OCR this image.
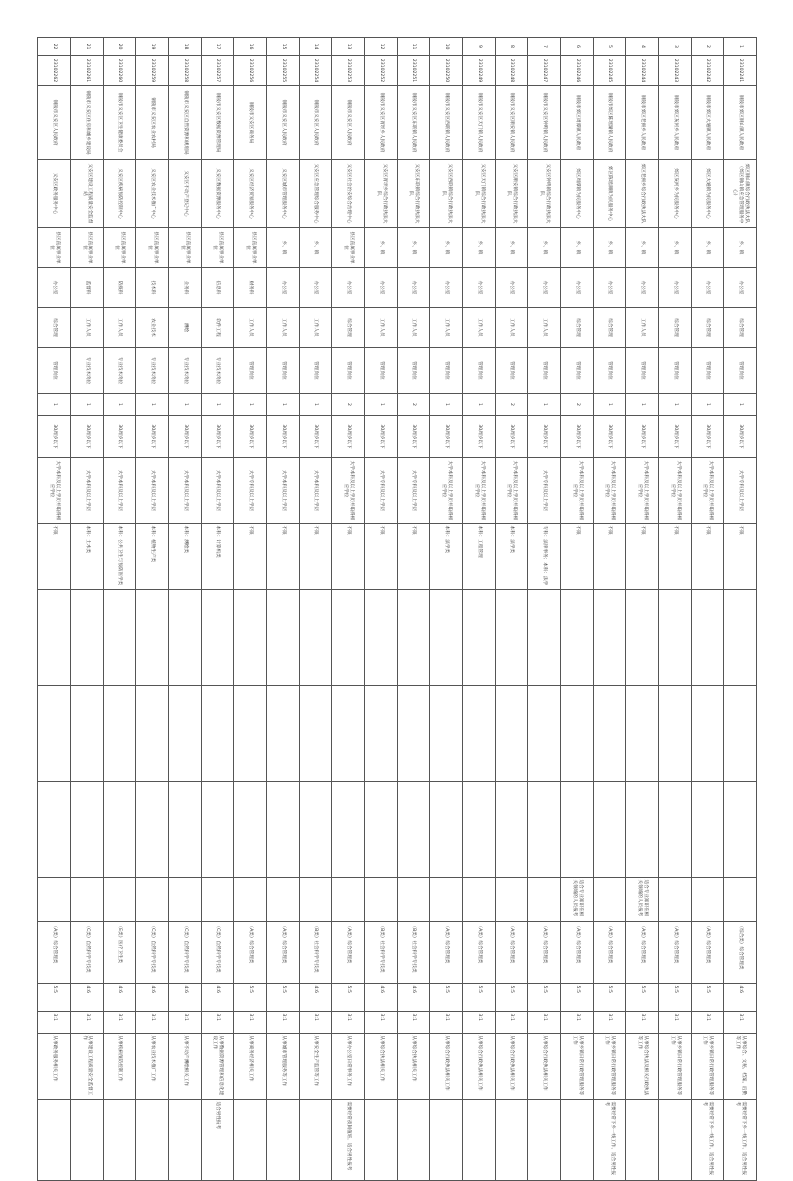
1	23102241	铜陵市郊区铜山镇人民政府	郊区铜山镇综合行政执法大队（郊区铜山镇应急管理服务中心）	乡、镇	办公室	综合管理	管理岗位	1	30周岁以下	大学专科及以上学历	不限					（综合类）综合管理类	4:6	3:1	从事综合、文秘、档案、后勤等工作	需要经常下乡一线工作，适合男性报考
2	23102242	铜陵市郊区大通镇人民政府	郊区大通镇为民服务中心	乡、镇	办公室	综合管理	管理岗位	1	30周岁以下	大学本科及以上学历并取得相应学位	不限					（A类）综合管理类	5:5	3:1	从事乡镇日常行政管理服务等工作	需要经常下乡一线工作，适合男性报考
3	23102243	铜陵市郊区灰河乡人民政府	郊区灰河乡为民服务中心	乡、镇	办公室	综合管理	管理岗位	1	30周岁以下	大学本科及以上学历并取得相应学位	不限					（A类）综合管理类	5:5	3:1	从事乡镇日常行政管理服务等工作	
4	23102244	铜陵市郊区老洲乡人民政府	郊区老洲乡综合行政执法大队	乡、镇	办公室	工作人员	管理岗位	1	30周岁以下	大学本科及以上学历并取得相应学位	不限				适合专业知识在相关领域的人员报考	（A类）综合管理类	5:5	3:1	从事综合执法及相关行政执法等工作	
5	23102245	铜陵市郊区陈瑶湖镇人民政府	郊区陈瑶湖镇为民服务中心	乡、镇	办公室	综合管理	管理岗位	1	30周岁以下	大学本科及以上学历并取得相应学位	不限					（A类）综合管理类	5:5	3:1	从事乡镇日常行政管理服务等工作	需要经常下乡一线工作，适合男性报考
6	23102246	铜陵市郊区周潭镇人民政府	郊区周潭镇为民服务中心	乡、镇	办公室	综合管理	管理岗位	2	30周岁以下	大学本科及以上学历并取得相应学位	不限				适合专业知识在相关领域的人员报考	（A类）综合管理类	5:5	3:1	从事乡镇日常行政管理服务等工作	
7	23102247	铜陵市义安区钟鸣镇人民政府	义安区钟鸣镇综合行政执法大队	乡、镇	办公室	工作人员	管理岗位	1	30周岁以下	大学专科及以上学历	专科：法律事务；本科：法学					（A类）综合管理类	5:5	3:1	从事综合行政执法相关工作	
8	23102248	铜陵市义安区顺安镇人民政府	义安区顺安镇综合行政执法大队	乡、镇	办公室	工作人员	管理岗位	2	30周岁以下	大学本科及以上学历并取得相应学位	本科：法学类					（A类）综合管理类	5:5	3:1	从事综合行政执法相关工作	
9	23102249	铜陵市义安区天门镇人民政府	义安区天门镇综合行政执法大队	乡、镇	办公室	工作人员	管理岗位	1	30周岁以下	大学本科及以上学历并取得相应学位	本科：工程管理					（A类）综合管理类	5:5	3:1	从事综合行政执法相关工作	
10	23102250	铜陵市义安区西联镇人民政府	义安区西联镇综合行政执法大队	乡、镇	办公室	工作人员	管理岗位	1	30周岁以下	大学本科及以上学历并取得相应学位	本科：法学类					（A类）综合管理类	5:5	3:1	从事综合行政执法相关工作	
11	23102251	铜陵市义安区东联镇人民政府	义安区东联镇综合行政执法大队	乡、镇	办公室	工作人员	管理岗位	2	30周岁以下	大学专科及以上学历	不限					（B类）社会科学专技类	4:6	3:1	从事综合执法相关工作	
12	23102252	铜陵市义安区胥坝乡人民政府	义安区胥坝乡综合行政执法大队	乡、镇	办公室	工作人员	管理岗位	1	30周岁以下	大学专科及以上学历	不限					（B类）社会科学专技类	4:6	3:1	从事综合执法相关工作	
13	23102253	铜陵市义安区人民政府	义安区社会治安综合治理中心	县区直属事业单位	办公室	综合管理	管理岗位	2	30周岁以下	大学本科及以上学历并取得相应学位	不限					（A类）综合管理类	5:5	3:1	从事办公室日常事务工作	需要经常夜间值班，适合男性报考
14	23102254	铜陵市义安区人民政府	义安区应急管理综合服务中心	乡、镇	办公室	工作人员	管理岗位	1	30周岁以下	大学本科及以上学历	不限					（B类）社会科学专技类	4:6	3:1	从事安全生产监管等工作	
15	23102255	铜陵市义安区人民政府	义安区城市管理服务中心	乡、镇	办公室	工作人员	管理岗位	1	30周岁以下	大学本科及以上学历	不限					（A类）综合管理类	5:5	3:1	从事城市管理服务等工作	
16	23102256	铜陵市义安区商务局	义安区经济贸易服务中心	县区直属事业单位	财务科	工作人员	管理岗位	1	30周岁以下	大学专科及以上学历	不限					（A类）综合管理类	5:5	3:1	从事商务经济相关工作	
17	23102257	铜陵市义安区数据资源管理局	义安区数据资源服务中心	县区直属事业单位	信息科	软件工程	专业技术岗位	1	30周岁以下	大学本科及以上学历	本科：计算机类					（C类）自然科学专技类	4:6	3:1	从事数据资源管理和信息化建设工作	适合男性报考
18	23102258	铜陵市义安区自然资源和规划局	义安区不动产登记中心	县区直属事业单位	业务科	测绘	专业技术岗位	1	30周岁以下	大学本科及以上学历	本科：测绘类					（C类）自然科学专技类	4:6	3:1	从事不动产测绘相关工作	
19	23102259	铜陵市义安区农业农村局	义安区农业技术推广中心	县区直属事业单位	技术科	农业技术	专业技术岗位	1	30周岁以下	大学本科及以上学历	本科：植物生产类					（C类）自然科学专技类	4:6	3:1	从事农业技术推广工作	
20	23102260	铜陵市义安区卫生健康委员会	义安区疾病预防控制中心	县区直属事业单位	防疫科	工作人员	专业技术岗位	1	30周岁以下	大学本科及以上学历	本科：公共卫生与预防医学类					（E类）医疗卫生类	4:6	3:1	从事疾病预防控制工作	
21	23102261	铜陵市义安区住房和城乡建设局	义安区建设工程质量安全监督站	县区直属事业单位	监督科	工作人员	专业技术岗位	1	30周岁以下	大学本科及以上学历	本科：土木类					（C类）自然科学专技类	4:6	3:1	从事建设工程质量安全监督工作	
22	23102262	铜陵市义安区人民政府	义安区政务服务中心	县区直属事业单位	办公室	综合管理	管理岗位	1	30周岁以下	大学本科及以上学历并取得相应学位	不限					（A类）综合管理类	5:5	3:1	从事政务服务相关工作	
